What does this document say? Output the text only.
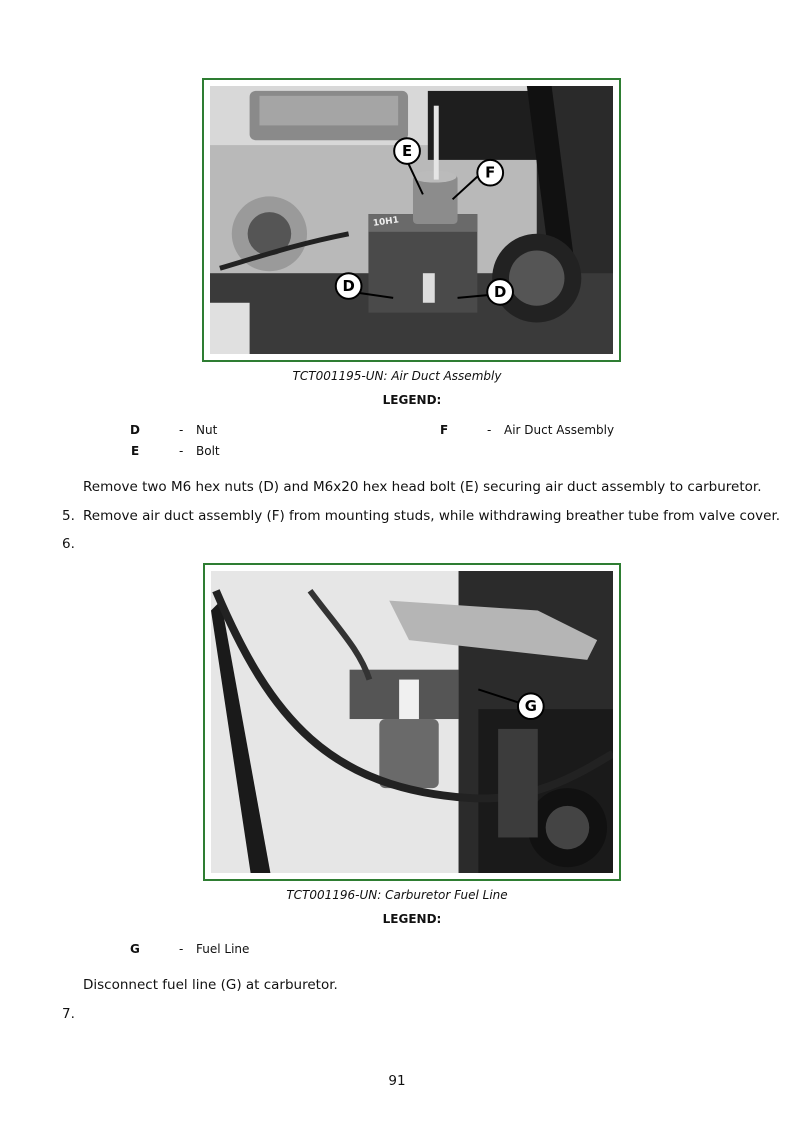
E
F
D	D
10H1
TCT001195-UN: Air Duct Assembly
LEGEND:
D	- Nut
E	- Bolt
F	- Air Duct Assembly
Remove two M6 hex nuts (D) and M6x20 hex head bolt (E) securing air duct assembly to carburetor.
5. Remove air duct assembly (F) from mounting studs, while withdrawing breather tube from valve cover.
6.
G
TCT001196-UN: Carburetor Fuel Line
LEGEND:
G	- Fuel Line
Disconnect fuel line (G) at carburetor.
7.
91
